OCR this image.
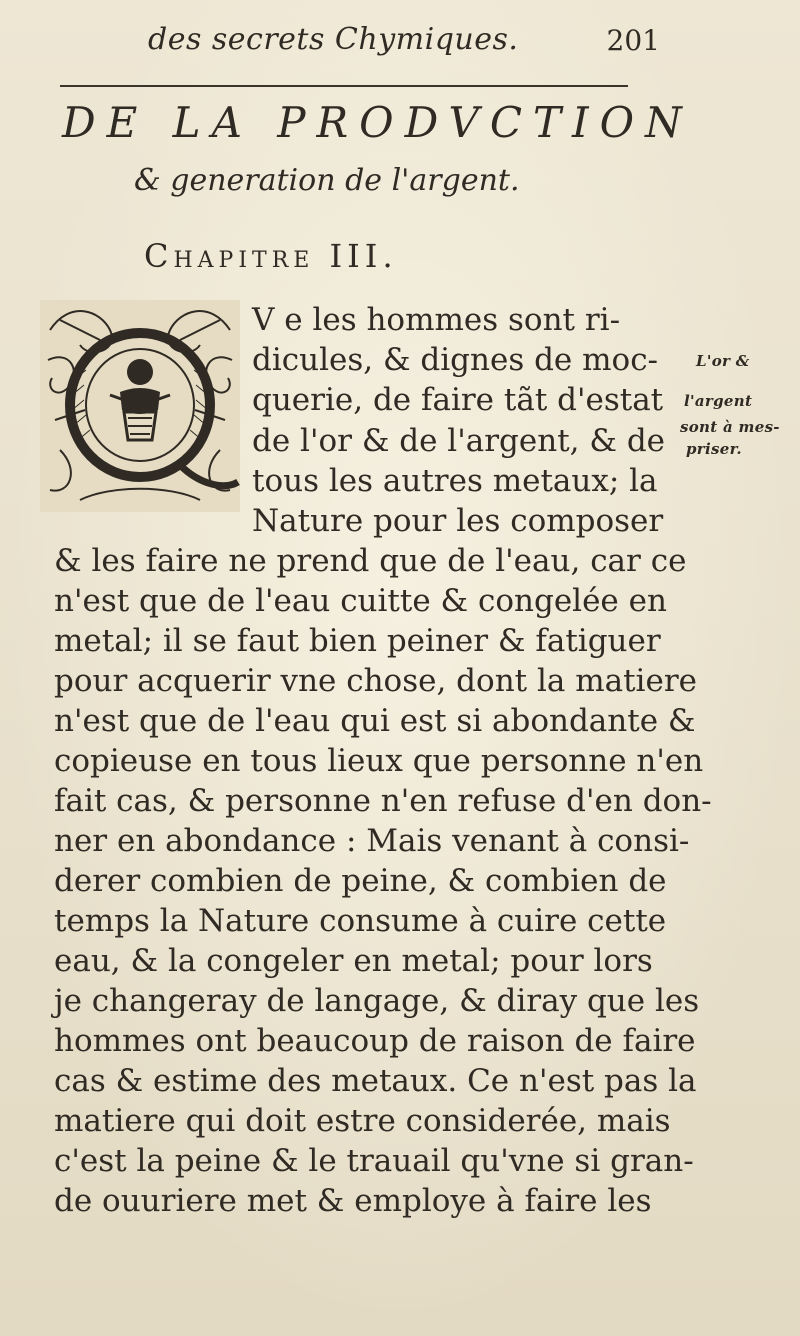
des secrets Chymiques.	201
DE LA PRODVCTION
& generation de l'argent.
Chapitre III.
V e les hommes sont ri-
dicules, & dignes de moc-
querie, de faire tãt d'estat
de l'or & de l'argent, & de
tous les autres metaux; la
Nature pour les composer
& les faire ne prend que de l'eau, car ce
n'est que de l'eau cuitte & congelée en
metal; il se faut bien peiner & fatiguer
pour acquerir vne chose, dont la matiere
n'est que de l'eau qui est si abondante &
copieuse en tous lieux que personne n'en
fait cas, & personne n'en refuse d'en don-
ner en abondance : Mais venant à consi-
derer combien de peine, & combien de
temps la Nature consume à cuire cette
eau, & la congeler en metal; pour lors
je changeray de langage, & diray que les
hommes ont beaucoup de raison de faire
cas & estime des metaux. Ce n'est pas la
matiere qui doit estre considerée, mais
c'est la peine & le trauail qu'vne si gran-
de ouuriere met & employe à faire les
L'or &
l'argent
sont à mes-
priser.
